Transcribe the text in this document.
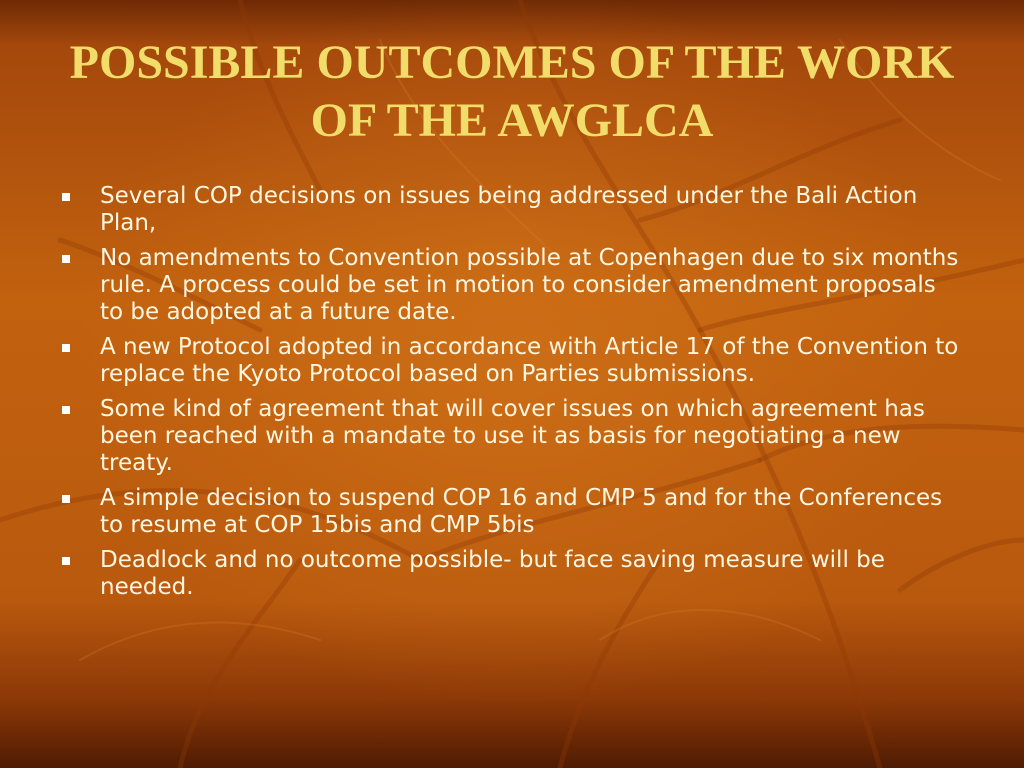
POSSIBLE OUTCOMES OF THE WORK OF THE AWGLCA
Several COP decisions on issues being addressed under the Bali Action Plan,
No amendments to Convention possible at Copenhagen due to six months rule. A process could be set in motion to consider amendment proposals to be adopted at a future date.
A new Protocol adopted in accordance with Article 17 of the Convention to replace the Kyoto Protocol based on Parties submissions.
Some kind of agreement that will cover issues on which agreement has been reached with a mandate to use it as basis for negotiating a new treaty.
A simple decision to suspend COP 16 and CMP 5 and for the Conferences to resume at COP 15bis and CMP 5bis
Deadlock and no outcome possible- but face saving measure will be needed.
